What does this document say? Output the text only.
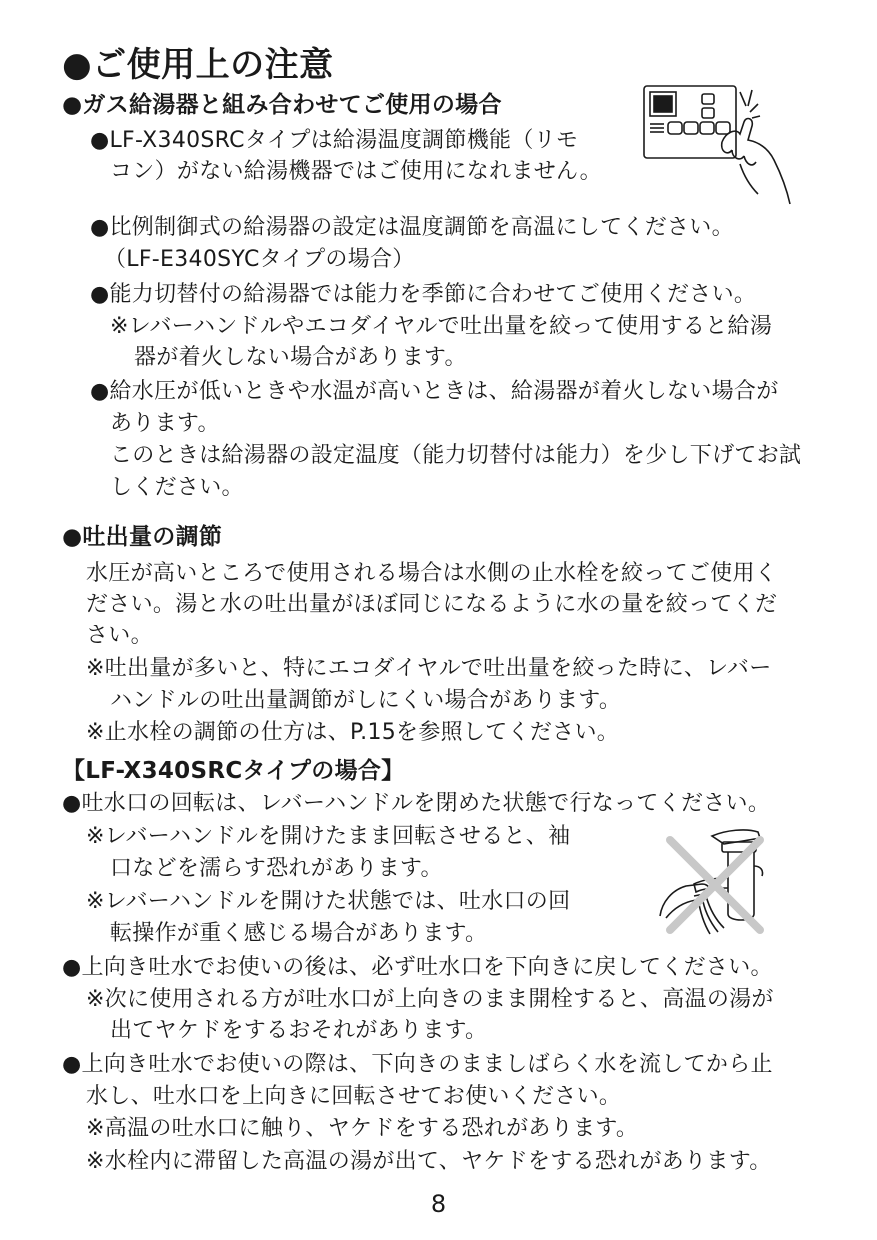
●ご使用上の注意
●ガス給湯器と組み合わせてご使用の場合
●LF-X340SRCタイプは給湯温度調節機能（リモ
コン）がない給湯機器ではご使用になれません。
●比例制御式の給湯器の設定は温度調節を高温にしてください。
（LF-E340SYCタイプの場合）
●能力切替付の給湯器では能力を季節に合わせてご使用ください。
※レバーハンドルやエコダイヤルで吐出量を絞って使用すると給湯
器が着火しない場合があります。
●給水圧が低いときや水温が高いときは、給湯器が着火しない場合が
あります。
このときは給湯器の設定温度（能力切替付は能力）を少し下げてお試
しください。
●吐出量の調節
水圧が高いところで使用される場合は水側の止水栓を絞ってご使用く
ださい。湯と水の吐出量がほぼ同じになるように水の量を絞ってくだ
さい。
※吐出量が多いと、特にエコダイヤルで吐出量を絞った時に、レバー
ハンドルの吐出量調節がしにくい場合があります。
※止水栓の調節の仕方は、P.15を参照してください。
【LF-X340SRCタイプの場合】
●吐水口の回転は、レバーハンドルを閉めた状態で行なってください。
※レバーハンドルを開けたまま回転させると、袖
口などを濡らす恐れがあります。
※レバーハンドルを開けた状態では、吐水口の回
転操作が重く感じる場合があります。
●上向き吐水でお使いの後は、必ず吐水口を下向きに戻してください。
※次に使用される方が吐水口が上向きのまま開栓すると、高温の湯が
出てヤケドをするおそれがあります。
●上向き吐水でお使いの際は、下向きのまましばらく水を流してから止
水し、吐水口を上向きに回転させてお使いください。
※高温の吐水口に触り、ヤケドをする恐れがあります。
※水栓内に滞留した高温の湯が出て、ヤケドをする恐れがあります。
8
